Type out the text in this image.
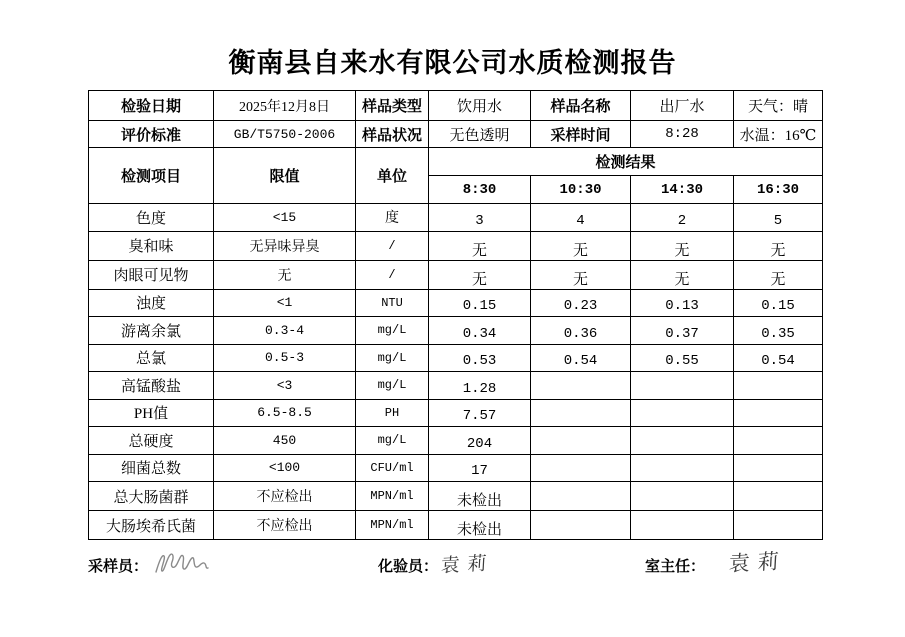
衡南县自来水有限公司水质检测报告
检验日期	2025年12月8日	样品类型	饮用水	样品名称	出厂水	天气：晴
评价标准	GB/T5750-2006	样品状况	无色透明	采样时间	8:28	水温：16℃
检测项目	限值	单位	检测结果			
			8:30	10:30	14:30	16:30
色度	<15	度	3	4	2	5
臭和味	无异味异臭	/	无	无	无	无
肉眼可见物	无	/	无	无	无	无
浊度	<1	NTU	0.15	0.23	0.13	0.15
游离余氯	0.3-4	mg/L	0.34	0.36	0.37	0.35
总氯	0.5-3	mg/L	0.53	0.54	0.55	0.54
高锰酸盐	<3	mg/L	1.28			
PH值	6.5-8.5	PH	7.57			
总硬度	450	mg/L	204			
细菌总数	<100	CFU/ml	17			
总大肠菌群	不应检出	MPN/ml	未检出			
大肠埃希氏菌	不应检出	MPN/ml	未检出			
采样员：	化验员： 袁莉	室主任： 袁莉
